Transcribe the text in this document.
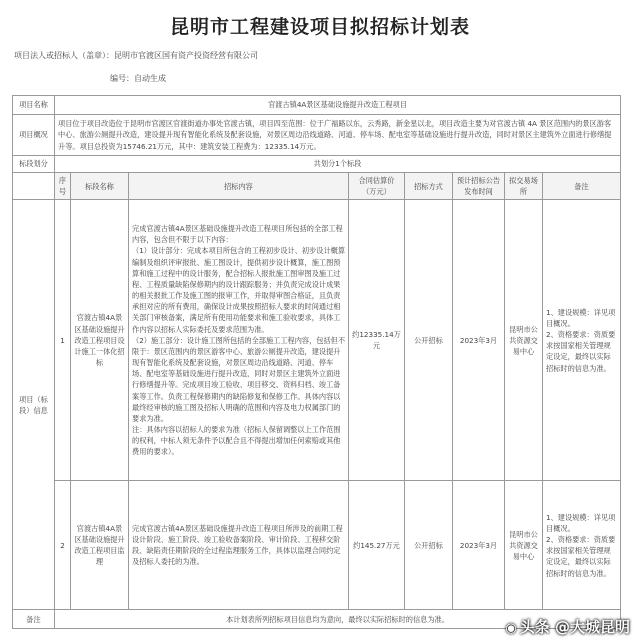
昆明市工程建设项目拟招标计划表
项目法人或招标人（盖章）：昆明市官渡区国有资产投资经营有限公司
编号：自动生成
项目名称	官渡古镇4A景区基础设施提升改造工程项目							
项目概况	项目位于项目改造位于昆明市官渡区官渡街道办事处官渡古镇，项目四至范围：位于广福路以东，云秀路，新金星以北，项目改造主要为对官渡古镇 4A 景区范围内的景区游客中心、旅游公厕提升改造，建设提升现有智能化系统及配套设施，对景区周边沿线道路、河道、停车场、配电室等基础设施进行提升改造，同时对景区主建筑外立面进行修缮提升等。项目总投资为15746.21万元，其中：建筑安装工程费为：12335.14万元。							
标段划分	共划分1个标段							
	序号	标段名称	招标内容	合同估算价（万元）	招标方式	预计招标公告发布时间	拟交易场所	备注
项目（标段）信息	1	官渡古镇4A景区基础设施提升改造工程项目设计施工一体化招标	完成官渡古镇4A景区基础设施提升改造工程项目所包括的全部工程内容，包含但不限于以下内容：
（1）设计部分：完成本项目所包含的工程初步设计、初步设计概算编制及组织评审报批、施工图设计，提供初步设计概算，施工图预算和施工过程中的设计服务，配合招标人报批施工图审图及施工过程、工程质量缺陷保修期内的设计跟踪服务；并负责完成设计成果的相关报批工作及施工图的报审工作，并取得审图合格证，且负责承担对应的所有费用，确保设计成果按照招标人要求的时间通过相关部门审核备案，满足所有使用功能要求和施工验收要求，具体工作内容以招标人实际委托及要求范围为准。
（2）施工部分：设计施工图所包括的全部施工工程内容，包括但不限于：景区范围内的景区游客中心、旅游公厕提升改造，建设提升现有智能化系统及配套设施，对景区周边沿线道路、河道、停车场、配电室等基础设施进行提升改造，同时对景区主建筑外立面进行修缮提升等。完成项目竣工验收、项目移交、资料归档、竣工备案等工作。负责工程保修期内的缺陷修复和保修工作。具体内容以最终经审核的施工图及招标人明确的范围和内容及电力权属部门的要求为准。
注：具体内容以招标人的要求为准（招标人保留调整以上工作范围的权利，中标人须无条件予以配合且不得提出增加任何索赔或其他费用的要求）。	约12335.14万元	公开招标	2023年3月	昆明市公共资源交易中心	1、建设规模：详见项目概况。
2、资格要求：资质要求按国家相关管理规定设定，最终以实际招标时的信息为准。
	2	官渡古镇4A景区基础设施提升改造工程项目监理	完成官渡古镇4A景区基础设施提升改造工程项目所涉及的前期工程设计阶段、施工阶段、竣工验收备案阶段、审计阶段、工程移交阶段、缺陷责任期阶段的全过程监理服务工作，具体以监理合同约定及招标人委托的为准。	约145.27万元	公开招标	2023年3月	昆明市公共资源交易中心	1、建设规模：详见项目概况。
2、资格要求：资质要求按国家相关管理规定设定，最终以实际招标时的信息为准。
备注	本计划表所列招标项目信息均为意向，最终以实际招标时的信息为准。							
◉ 头条 @大城昆明
